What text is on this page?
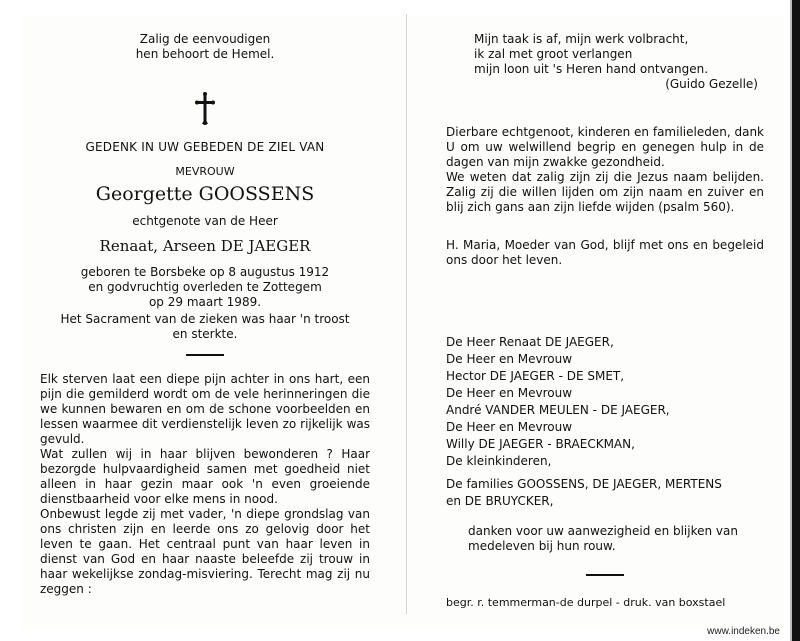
Zalig de eenvoudigen
hen behoort de Hemel.
GEDENK IN UW GEBEDEN DE ZIEL VAN
MEVROUW
Georgette GOOSSENS
echtgenote van de Heer
Renaat, Arseen DE JAEGER
geboren te Borsbeke op 8 augustus 1912
en godvruchtig overleden te Zottegem
op 29 maart 1989.
Het Sacrament van de zieken was haar 'n troost
en sterkte.
Elk sterven laat een diepe pijn achter in ons hart, een pijn die gemilderd wordt om de vele herinneringen die we kunnen bewaren en om de schone voorbeelden en lessen waarmee dit verdienstelijk leven zo rijkelijk was gevuld.
Wat zullen wij in haar blijven bewonderen ? Haar bezorgde hulpvaardigheid samen met goedheid niet alleen in haar gezin maar ook 'n even groeiende dienstbaarheid voor elke mens in nood.
Onbewust legde zij met vader, 'n diepe grondslag van ons christen zijn en leerde ons zo gelovig door het leven te gaan. Het centraal punt van haar leven in dienst van God en haar naaste beleefde zij trouw in haar wekelijkse zondag-misviering. Terecht mag zij nu zeggen :
Mijn taak is af, mijn werk volbracht,
ik zal met groot verlangen
mijn loon uit 's Heren hand ontvangen.
(Guido Gezelle)
Dierbare echtgenoot, kinderen en familieleden, dank U om uw welwillend begrip en genegen hulp in de dagen van mijn zwakke gezondheid.
We weten dat zalig zijn zij die Jezus naam belijden. Zalig zij die willen lijden om zijn naam en zuiver en blij zich gans aan zijn liefde wijden (psalm 560).
H. Maria, Moeder van God, blijf met ons en begeleid ons door het leven.
De Heer Renaat DE JAEGER,
De Heer en Mevrouw
Hector DE JAEGER - DE SMET,
De Heer en Mevrouw
André VANDER MEULEN - DE JAEGER,
De Heer en Mevrouw
Willy DE JAEGER - BRAECKMAN,
De kleinkinderen,
De families GOOSSENS, DE JAEGER, MERTENS
en DE BRUYCKER,
danken voor uw aanwezigheid en blijken van
medeleven bij hun rouw.
begr. r. temmerman-de durpel - druk. van boxstael
www.indeken.be
